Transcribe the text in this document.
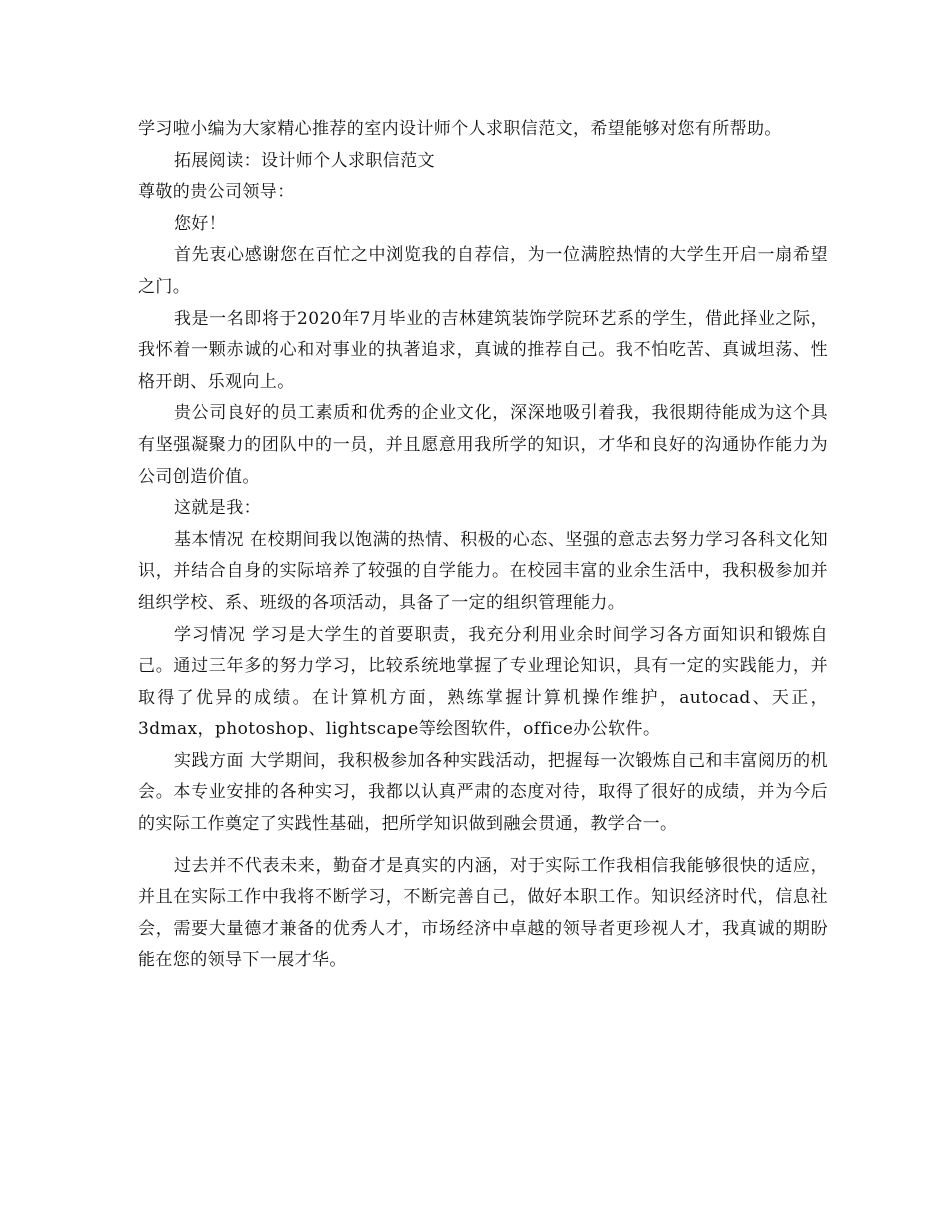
学习啦小编为大家精心推荐的室内设计师个人求职信范文，希望能够对您有所帮助。

拓展阅读：设计师个人求职信范文

尊敬的贵公司领导：

您好！

首先衷心感谢您在百忙之中浏览我的自荐信，为一位满腔热情的大学生开启一扇希望之门。

我是一名即将于2020年7月毕业的吉林建筑装饰学院环艺系的学生，借此择业之际，我怀着一颗赤诚的心和对事业的执著追求，真诚的推荐自己。我不怕吃苦、真诚坦荡、性格开朗、乐观向上。

贵公司良好的员工素质和优秀的企业文化，深深地吸引着我，我很期待能成为这个具有坚强凝聚力的团队中的一员，并且愿意用我所学的知识，才华和良好的沟通协作能力为公司创造价值。

这就是我：

基本情况 在校期间我以饱满的热情、积极的心态、坚强的意志去努力学习各科文化知识，并结合自身的实际培养了较强的自学能力。在校园丰富的业余生活中，我积极参加并组织学校、系、班级的各项活动，具备了一定的组织管理能力。

学习情况 学习是大学生的首要职责，我充分利用业余时间学习各方面知识和锻炼自己。通过三年多的努力学习，比较系统地掌握了专业理论知识，具有一定的实践能力，并取得了优异的成绩。在计算机方面，熟练掌握计算机操作维护，autocad、天正，3dmax，photoshop、lightscape等绘图软件，office办公软件。

实践方面 大学期间，我积极参加各种实践活动，把握每一次锻炼自己和丰富阅历的机会。本专业安排的各种实习，我都以认真严肃的态度对待，取得了很好的成绩，并为今后的实际工作奠定了实践性基础，把所学知识做到融会贯通，教学合一。

过去并不代表未来，勤奋才是真实的内涵，对于实际工作我相信我能够很快的适应，并且在实际工作中我将不断学习，不断完善自己，做好本职工作。知识经济时代，信息社会，需要大量德才兼备的优秀人才，市场经济中卓越的领导者更珍视人才，我真诚的期盼能在您的领导下一展才华。
